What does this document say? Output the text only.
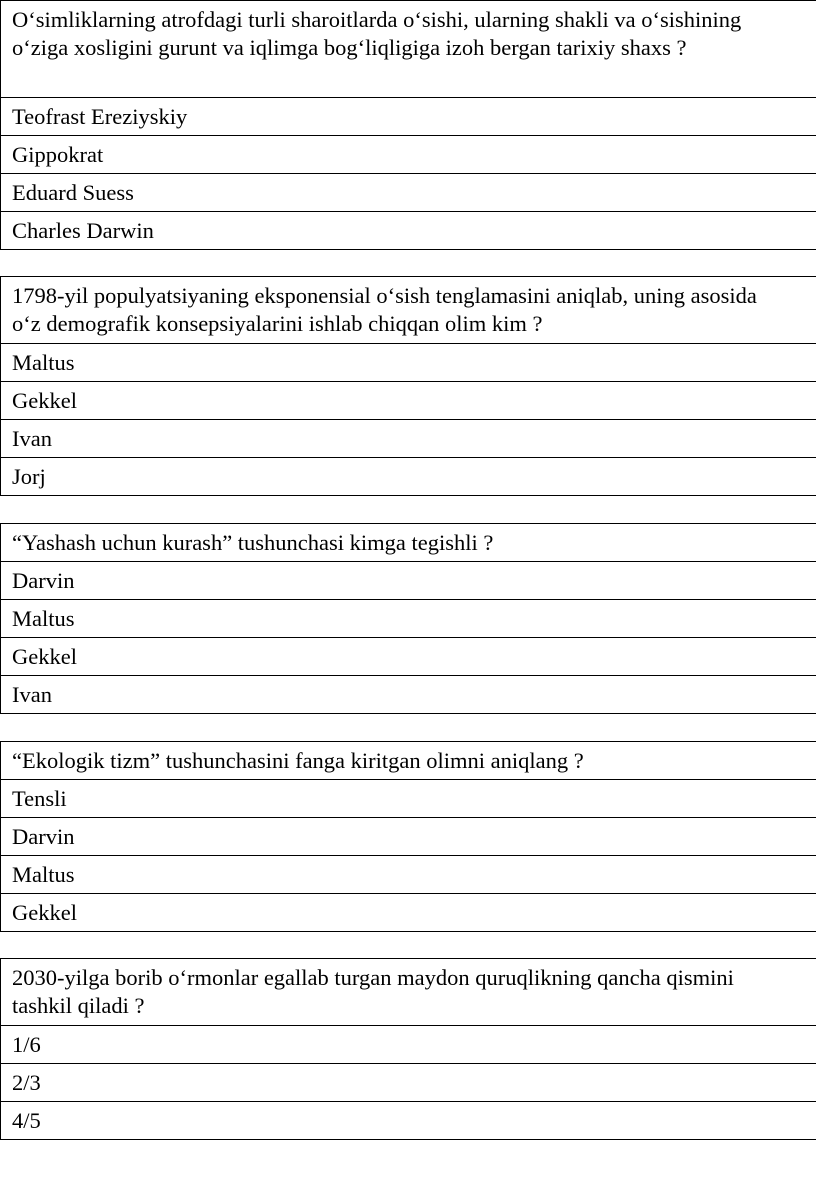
O‘simliklarning atrofdagi turli sharoitlarda o‘sishi, ularning shakli va o‘sishining
o‘ziga xosligini gurunt va iqlimga bog‘liqligiga izoh bergan tarixiy shaxs ?

Teofrast Ereziyskiy
Gippokrat
Eduard Suess
Charles Darwin
1798-yil populyatsiyaning eksponensial o‘sish tenglamasini aniqlab, uning asosida
o‘z demografik konsepsiyalarini ishlab chiqqan olim kim ?

Maltus
Gekkel
Ivan
Jorj
“Yashash uchun kurash” tushunchasi kimga tegishli ?

Darvin
Maltus
Gekkel
Ivan
“Ekologik tizm” tushunchasini fanga kiritgan olimni aniqlang ?

Tensli
Darvin
Maltus
Gekkel
2030-yilga borib o‘rmonlar egallab turgan maydon quruqlikning qancha qismini
tashkil qiladi ?

1/6
2/3
4/5
